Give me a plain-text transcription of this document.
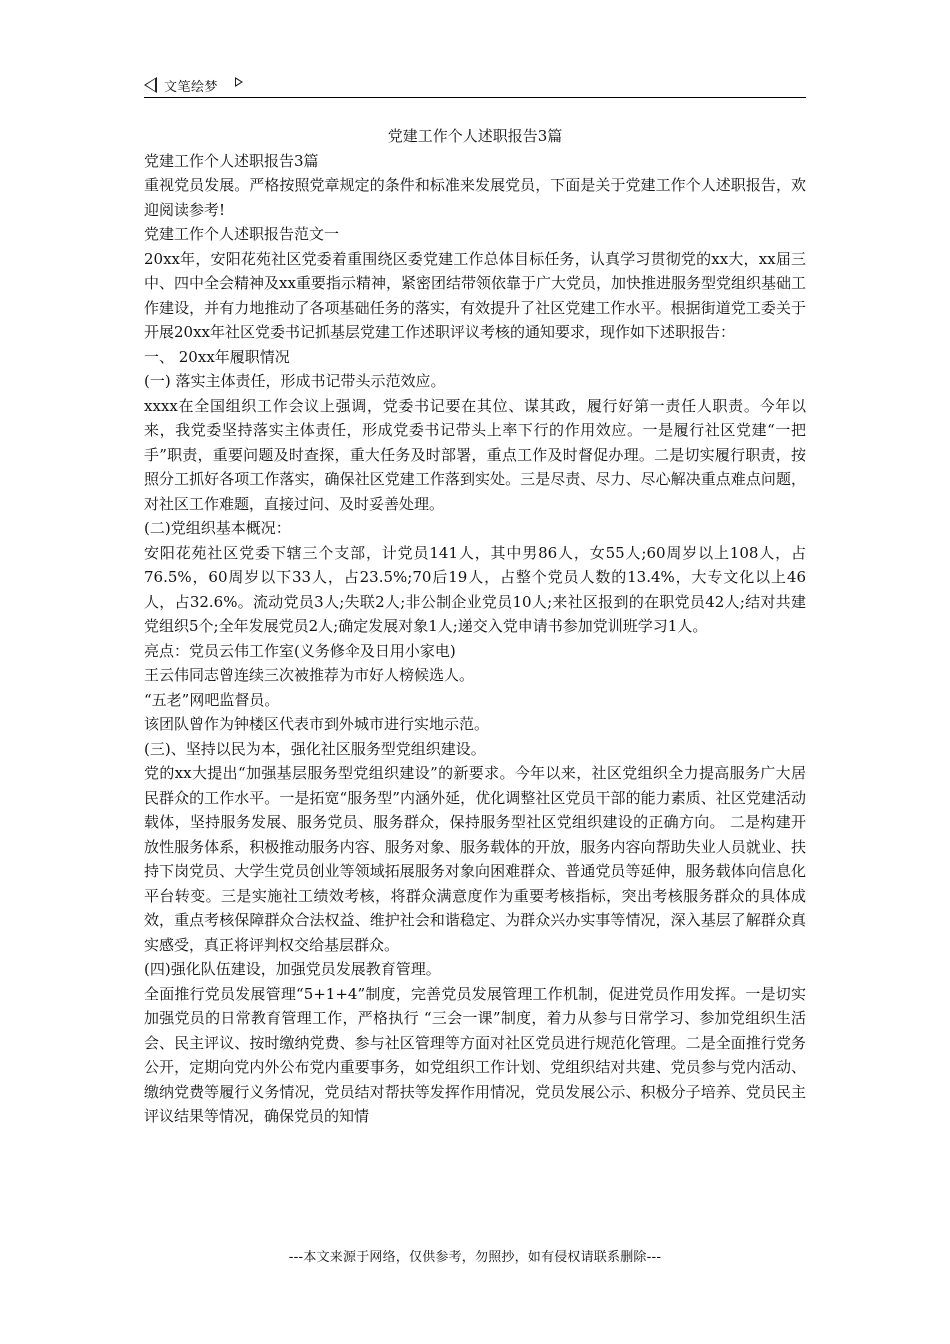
文笔绘梦

党建工作个人述职报告3篇

党建工作个人述职报告3篇

重视党员发展。严格按照党章规定的条件和标准来发展党员，下面是关于党建工作个人述职报告，欢迎阅读参考!

党建工作个人述职报告范文一

20xx年，安阳花苑社区党委着重围绕区委党建工作总体目标任务，认真学习贯彻党的xx大，xx届三中、四中全会精神及xx重要指示精神，紧密团结带领依靠于广大党员，加快推进服务型党组织基础工作建设，并有力地推动了各项基础任务的落实，有效提升了社区党建工作水平。根据街道党工委关于开展20xx年社区党委书记抓基层党建工作述职评议考核的通知要求，现作如下述职报告：

一、 20xx年履职情况

(一) 落实主体责任，形成书记带头示范效应。

xxxx在全国组织工作会议上强调，党委书记要在其位、谋其政，履行好第一责任人职责。今年以来，我党委坚持落实主体责任，形成党委书记带头上率下行的作用效应。一是履行社区党建“一把手”职责，重要问题及时查探，重大任务及时部署，重点工作及时督促办理。二是切实履行职责，按照分工抓好各项工作落实，确保社区党建工作落到实处。三是尽责、尽力、尽心解决重点难点问题，对社区工作难题，直接过问、及时妥善处理。

(二)党组织基本概况：

安阳花苑社区党委下辖三个支部，计党员141人，其中男86人，女55人;60周岁以上108人，占76.5%，60周岁以下33人，占23.5%;70后19人，占整个党员人数的13.4%，大专文化以上46人，占32.6%。流动党员3人;失联2人;非公制企业党员10人;来社区报到的在职党员42人;结对共建党组织5个;全年发展党员2人;确定发展对象1人;递交入党申请书参加党训班学习1人。

亮点：党员云伟工作室(义务修伞及日用小家电)

王云伟同志曾连续三次被推荐为市好人榜候选人。

“五老”网吧监督员。

该团队曾作为钟楼区代表市到外城市进行实地示范。

(三)、坚持以民为本，强化社区服务型党组织建设。

党的xx大提出“加强基层服务型党组织建设”的新要求。今年以来，社区党组织全力提高服务广大居民群众的工作水平。一是拓宽“服务型”内涵外延，优化调整社区党员干部的能力素质、社区党建活动载体，坚持服务发展、服务党员、服务群众，保持服务型社区党组织建设的正确方向。 二是构建开放性服务体系，积极推动服务内容、服务对象、服务载体的开放，服务内容向帮助失业人员就业、扶持下岗党员、大学生党员创业等领域拓展服务对象向困难群众、普通党员等延伸，服务载体向信息化平台转变。三是实施社工绩效考核，将群众满意度作为重要考核指标，突出考核服务群众的具体成效，重点考核保障群众合法权益、维护社会和谐稳定、为群众兴办实事等情况，深入基层了解群众真实感受，真正将评判权交给基层群众。

(四)强化队伍建设，加强党员发展教育管理。

全面推行党员发展管理“5+1+4”制度，完善党员发展管理工作机制，促进党员作用发挥。一是切实加强党员的日常教育管理工作，严格执行 “三会一课”制度，着力从参与日常学习、参加党组织生活会、民主评议、按时缴纳党费、参与社区管理等方面对社区党员进行规范化管理。二是全面推行党务公开，定期向党内外公布党内重要事务，如党组织工作计划、党组织结对共建、党员参与党内活动、缴纳党费等履行义务情况，党员结对帮扶等发挥作用情况，党员发展公示、积极分子培养、党员民主评议结果等情况，确保党员的知情

---本文来源于网络，仅供参考，勿照抄，如有侵权请联系删除---
